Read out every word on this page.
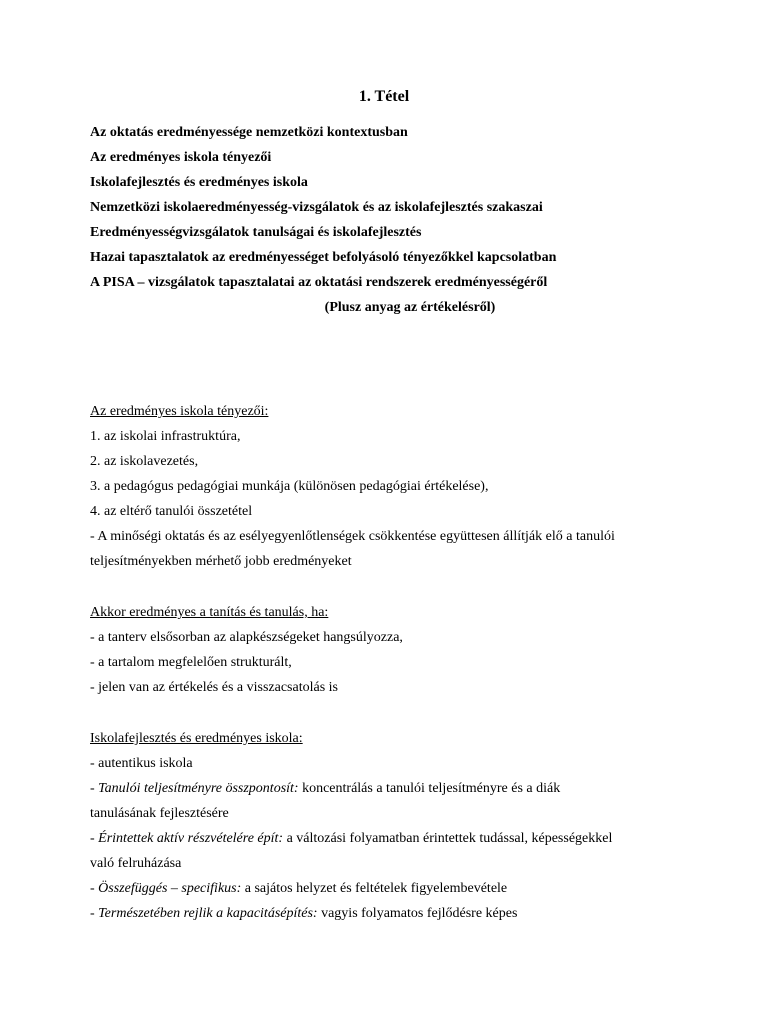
1. Tétel
Az oktatás eredményessége nemzetközi kontextusban
Az eredményes iskola tényezői
Iskolafejlesztés és eredményes iskola
Nemzetközi iskolaeredményesség-vizsgálatok és az iskolafejlesztés szakaszai
Eredményességvizsgálatok tanulságai és iskolafejlesztés
Hazai tapasztalatok az eredményességet befolyásoló tényezőkkel kapcsolatban
A PISA – vizsgálatok tapasztalatai az oktatási rendszerek eredményességéről
(Plusz anyag az értékelésről)
Az eredményes iskola tényezői:
1. az iskolai infrastruktúra,
2. az iskolavezetés,
3. a pedagógus pedagógiai munkája (különösen pedagógiai értékelése),
4. az eltérő tanulói összetétel
- A minőségi oktatás és az esélyegyenlőtlenségek csökkentése együttesen állítják elő a tanulói
teljesítményekben mérhető jobb eredményeket
Akkor eredményes a tanítás és tanulás, ha:
- a tanterv elsősorban az alapkészségeket hangsúlyozza,
- a tartalom megfelelően strukturált,
- jelen van az értékelés és a visszacsatolás is
Iskolafejlesztés és eredményes iskola:
- autentikus iskola
- Tanulói teljesítményre összpontosít: koncentrálás a tanulói teljesítményre és a diák
tanulásának fejlesztésére
- Érintettek aktív részvételére épít: a változási folyamatban érintettek tudással, képességekkel
való felruházása
- Összefüggés – specifikus: a sajátos helyzet és feltételek figyelembevétele
- Természetében rejlik a kapacitásépítés: vagyis folyamatos fejlődésre képes
